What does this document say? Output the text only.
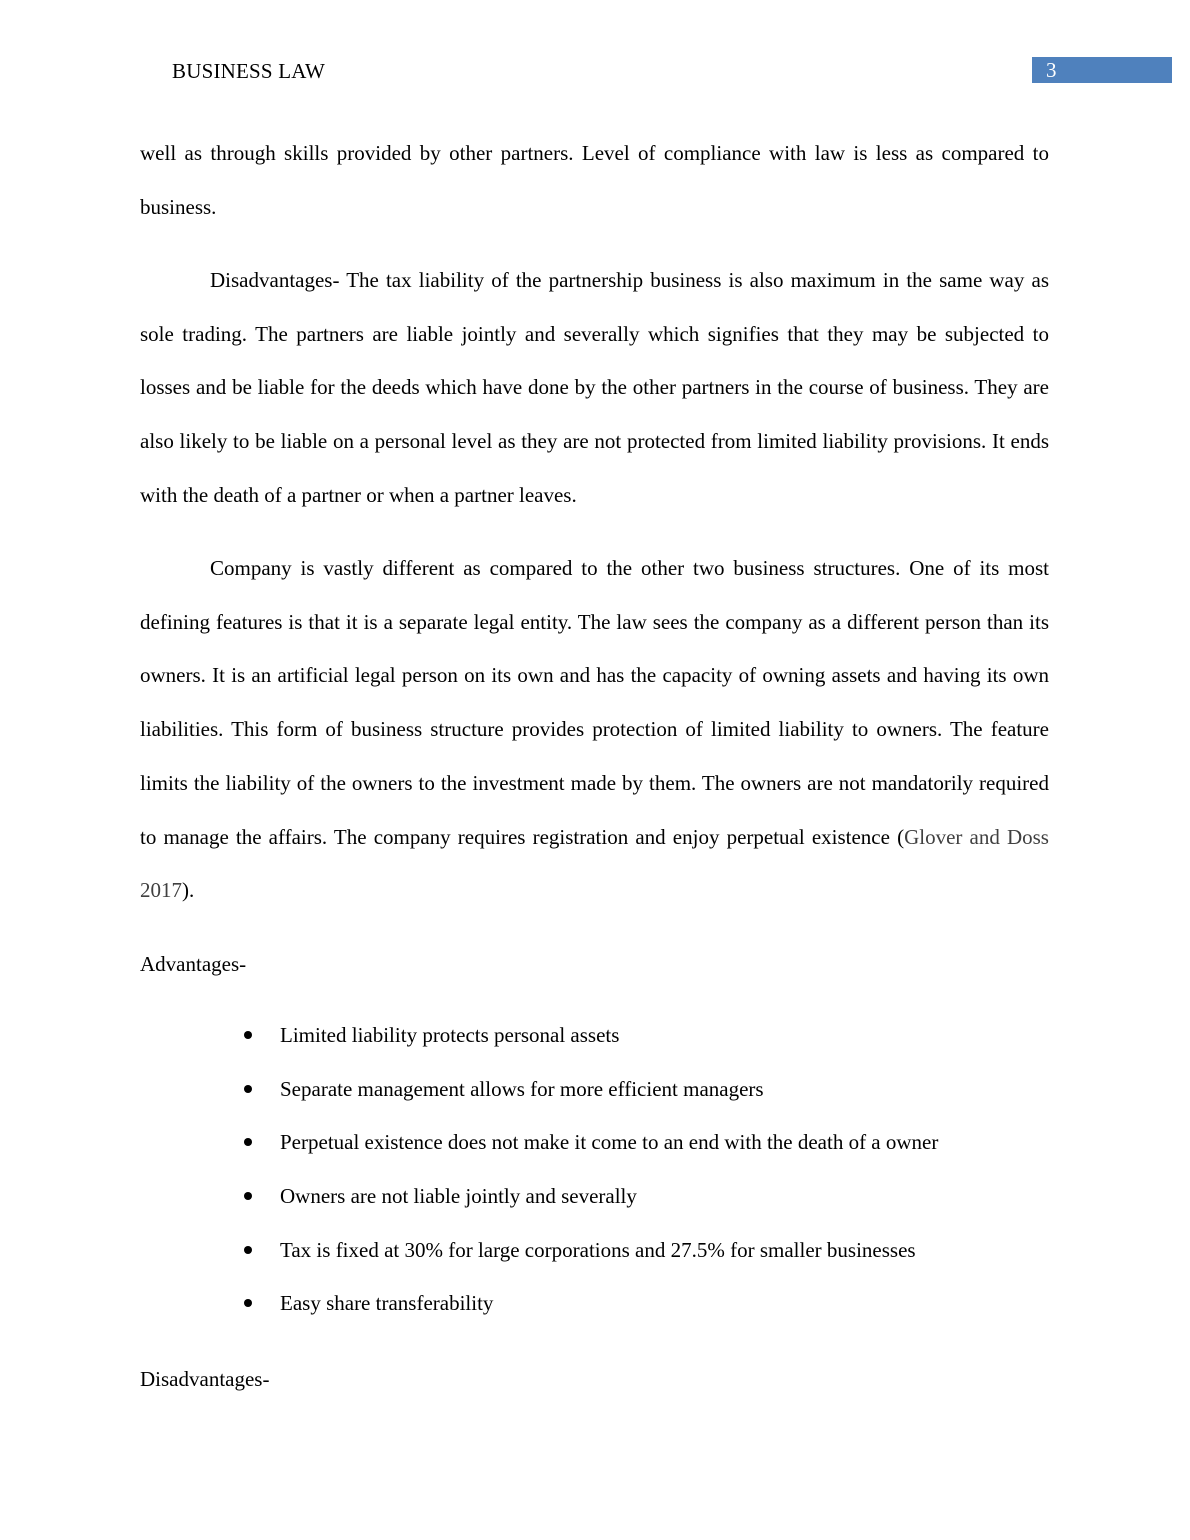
BUSINESS LAW	3

well as through skills provided by other partners. Level of compliance with law is less as compared to business.

Disadvantages- The tax liability of the partnership business is also maximum in the same way as sole trading. The partners are liable jointly and severally which signifies that they may be subjected to losses and be liable for the deeds which have done by the other partners in the course of business. They are also likely to be liable on a personal level as they are not protected from limited liability provisions. It ends with the death of a partner or when a partner leaves.

Company is vastly different as compared to the other two business structures. One of its most defining features is that it is a separate legal entity. The law sees the company as a different person than its owners. It is an artificial legal person on its own and has the capacity of owning assets and having its own liabilities. This form of business structure provides protection of limited liability to owners. The feature limits the liability of the owners to the investment made by them. The owners are not mandatorily required to manage the affairs. The company requires registration and enjoy perpetual existence (Glover and Doss 2017).

Advantages-
Limited liability protects personal assets
Separate management allows for more efficient managers
Perpetual existence does not make it come to an end with the death of a owner
Owners are not liable jointly and severally
Tax is fixed at 30% for large corporations and 27.5% for smaller businesses
Easy share transferability
Disadvantages-
